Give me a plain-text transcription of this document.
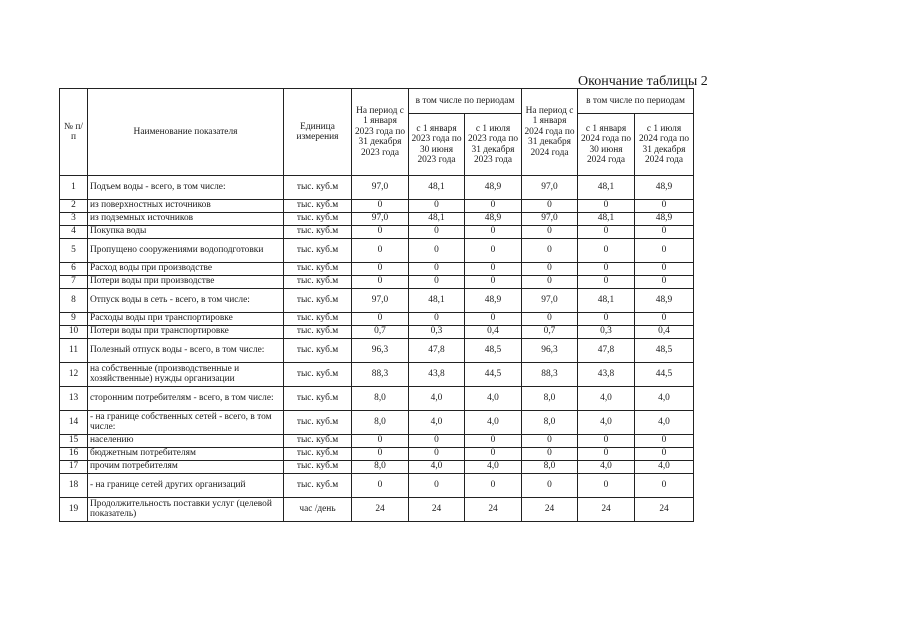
Окончание таблицы 2
№ п/п	Наименование показателя	Единица измерения	На период с 1 января 2023 года по 31 декабря 2023 года	в том числе по периодам		На период с 1 января 2024 года по 31 декабря 2024 года	в том числе по периодам	
				с 1 января 2023 года по 30 июня 2023 года	с 1 июля 2023 года по 31 декабря 2023 года		с 1 января 2024 года по 30 июня 2024 года	с 1 июля 2024 года по 31 декабря 2024 года
1	Подъем воды - всего, в том числе:	тыс. куб.м	97,0	48,1	48,9	97,0	48,1	48,9
2	из поверхностных источников	тыс. куб.м	0	0	0	0	0	0
3	из подземных источников	тыс. куб.м	97,0	48,1	48,9	97,0	48,1	48,9
4	Покупка воды	тыс. куб.м	0	0	0	0	0	0
5	Пропущено сооружениями водоподготовки	тыс. куб.м	0	0	0	0	0	0
6	Расход воды при производстве	тыс. куб.м	0	0	0	0	0	0
7	Потери воды при производстве	тыс. куб.м	0	0	0	0	0	0
8	Отпуск воды в сеть - всего, в том числе:	тыс. куб.м	97,0	48,1	48,9	97,0	48,1	48,9
9	Расходы воды при транспортировке	тыс. куб.м	0	0	0	0	0	0
10	Потери воды при транспортировке	тыс. куб.м	0,7	0,3	0,4	0,7	0,3	0,4
11	Полезный отпуск воды - всего, в том числе:	тыс. куб.м	96,3	47,8	48,5	96,3	47,8	48,5
12	на собственные (производственные и хозяйственные) нужды организации	тыс. куб.м	88,3	43,8	44,5	88,3	43,8	44,5
13	сторонним потребителям - всего, в том числе:	тыс. куб.м	8,0	4,0	4,0	8,0	4,0	4,0
14	- на границе собственных сетей - всего, в том числе:	тыс. куб.м	8,0	4,0	4,0	8,0	4,0	4,0
15	населению	тыс. куб.м	0	0	0	0	0	0
16	бюджетным потребителям	тыс. куб.м	0	0	0	0	0	0
17	прочим потребителям	тыс. куб.м	8,0	4,0	4,0	8,0	4,0	4,0
18	- на границе сетей других организаций	тыс. куб.м	0	0	0	0	0	0
19	Продолжительность поставки услуг (целевой показатель)	час /день	24	24	24	24	24	24
